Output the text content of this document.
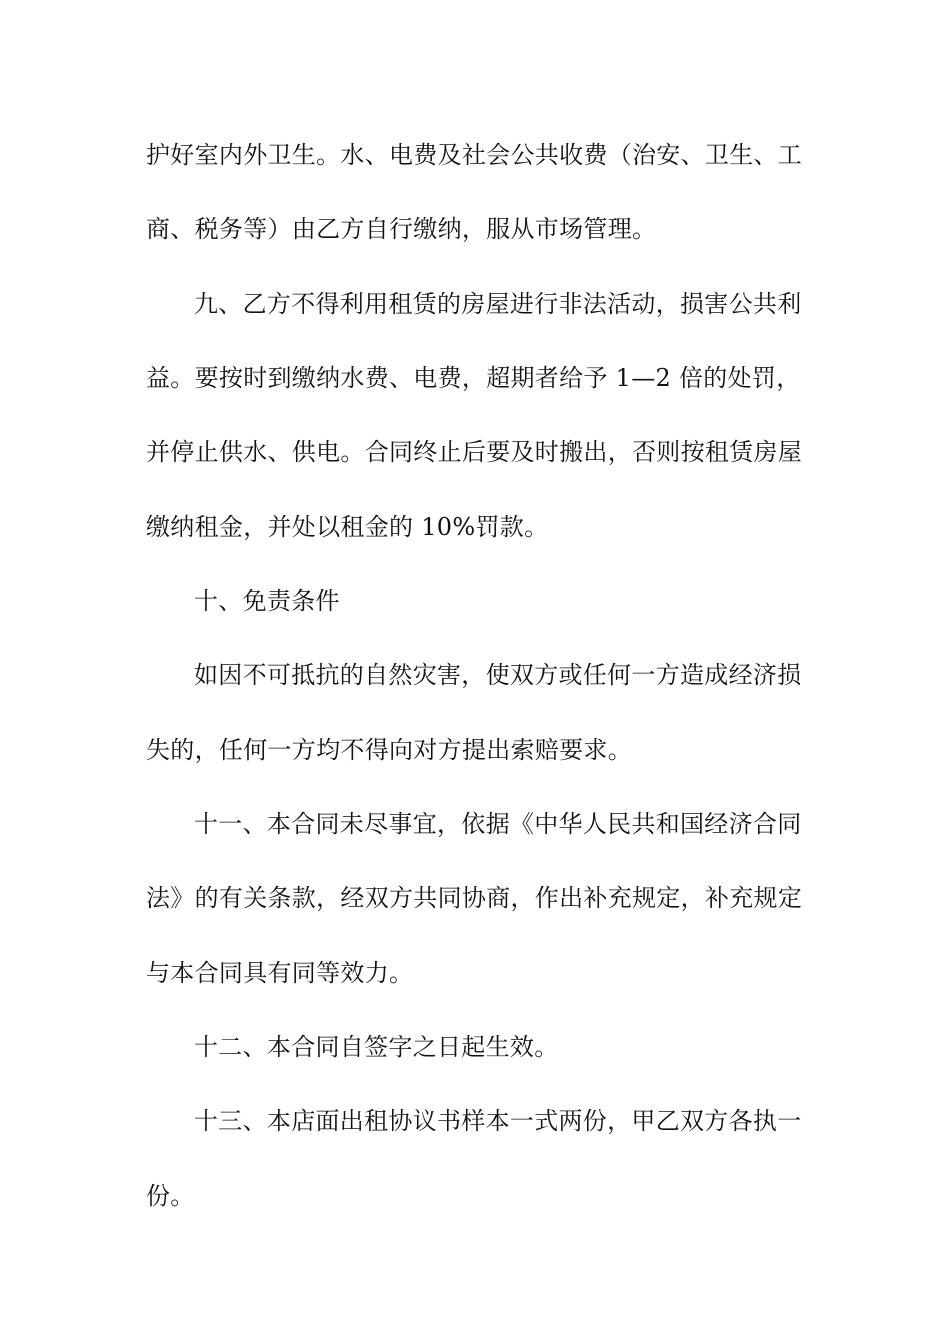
护好室内外卫生。水、电费及社会公共收费（治安、卫生、工
商、税务等）由乙方自行缴纳，服从市场管理。
九、乙方不得利用租赁的房屋进行非法活动，损害公共利
益。要按时到缴纳水费、电费，超期者给予 1—2 倍的处罚，
并停止供水、供电。合同终止后要及时搬出，否则按租赁房屋
缴纳租金，并处以租金的 10%罚款。
十、免责条件
如因不可抵抗的自然灾害，使双方或任何一方造成经济损
失的，任何一方均不得向对方提出索赔要求。
十一、本合同未尽事宜，依据《中华人民共和国经济合同
法》的有关条款，经双方共同协商，作出补充规定，补充规定
与本合同具有同等效力。
十二、本合同自签字之日起生效。
十三、本店面出租协议书样本一式两份，甲乙双方各执一
份。
